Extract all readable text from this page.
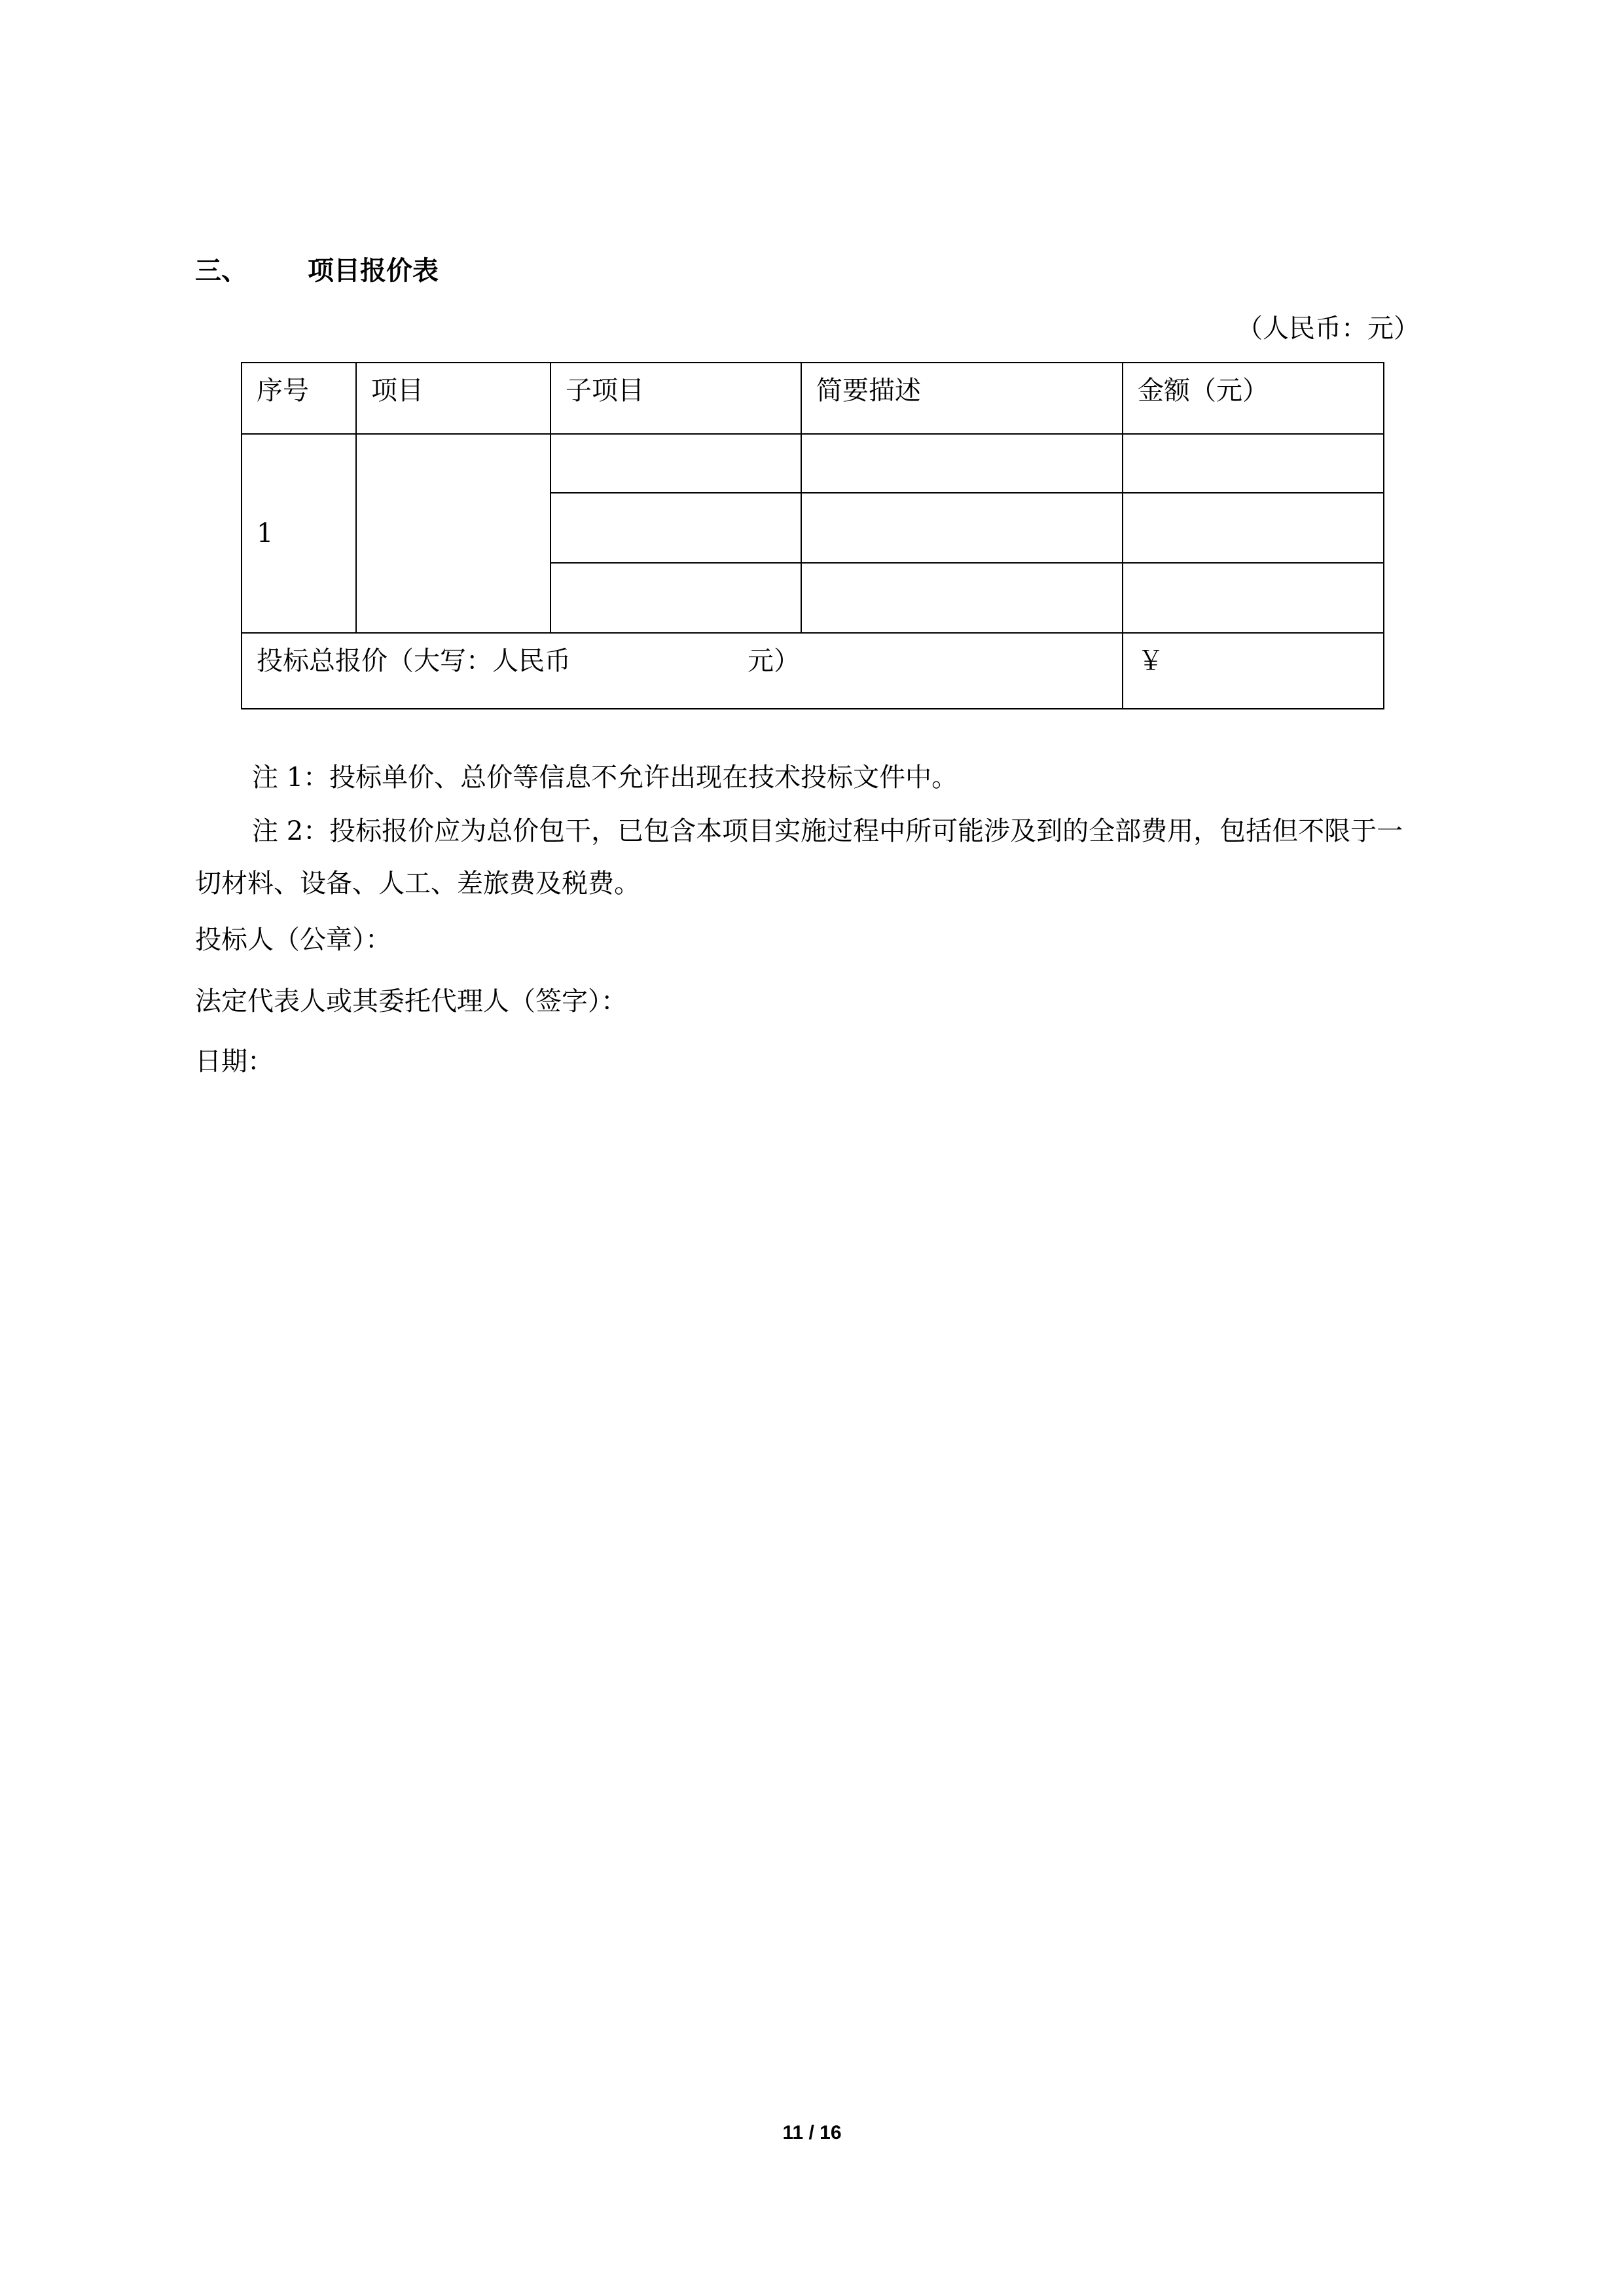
三、 项目报价表
（人民币：元）
序号	项目	子项目	简要描述	金额（元）
1				

投标总报价（大写：人民币 元）				￥
注 1：投标单价、总价等信息不允许出现在技术投标文件中。
注 2：投标报价应为总价包干，已包含本项目实施过程中所可能涉及到的全部费用，包括但不限于一切材料、设备、人工、差旅费及税费。
投标人（公章）：
法定代表人或其委托代理人（签字）：
日期：
11 / 16
